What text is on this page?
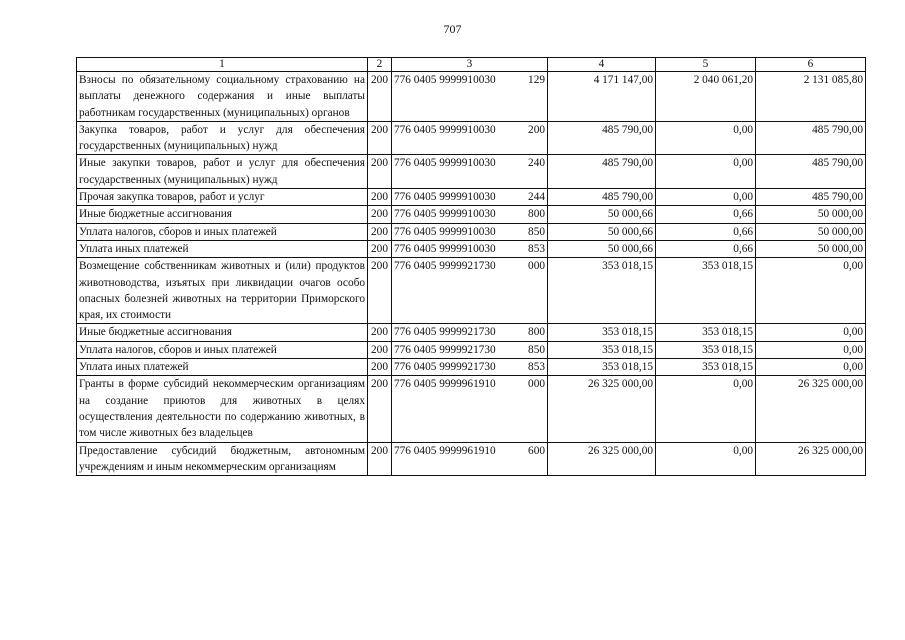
707
1	2	3	4	5	6
Взносы по обязательному социальному страхованию на выплаты денежного содержания и иные выплаты работникам государственных (муниципальных) органов	200	776 0405 9999910030 129	4 171 147,00	2 040 061,20	2 131 085,80
Закупка товаров, работ и услуг для обеспечения государственных (муниципальных) нужд	200	776 0405 9999910030 200	485 790,00	0,00	485 790,00
Иные закупки товаров, работ и услуг для обеспечения государственных (муниципальных) нужд	200	776 0405 9999910030 240	485 790,00	0,00	485 790,00
Прочая закупка товаров, работ и услуг	200	776 0405 9999910030 244	485 790,00	0,00	485 790,00
Иные бюджетные ассигнования	200	776 0405 9999910030 800	50 000,66	0,66	50 000,00
Уплата налогов, сборов и иных платежей	200	776 0405 9999910030 850	50 000,66	0,66	50 000,00
Уплата иных платежей	200	776 0405 9999910030 853	50 000,66	0,66	50 000,00
Возмещение собственникам животных и (или) продуктов животноводства, изъятых при ликвидации очагов особо опасных болезней животных на территории Приморского края, их стоимости	200	776 0405 9999921730 000	353 018,15	353 018,15	0,00
Иные бюджетные ассигнования	200	776 0405 9999921730 800	353 018,15	353 018,15	0,00
Уплата налогов, сборов и иных платежей	200	776 0405 9999921730 850	353 018,15	353 018,15	0,00
Уплата иных платежей	200	776 0405 9999921730 853	353 018,15	353 018,15	0,00
Гранты в форме субсидий некоммерческим организациям на создание приютов для животных в целях осуществления деятельности по содержанию животных, в том числе животных без владельцев	200	776 0405 9999961910 000	26 325 000,00	0,00	26 325 000,00
Предоставление субсидий бюджетным, автономным учреждениям и иным некоммерческим организациям	200	776 0405 9999961910 600	26 325 000,00	0,00	26 325 000,00
